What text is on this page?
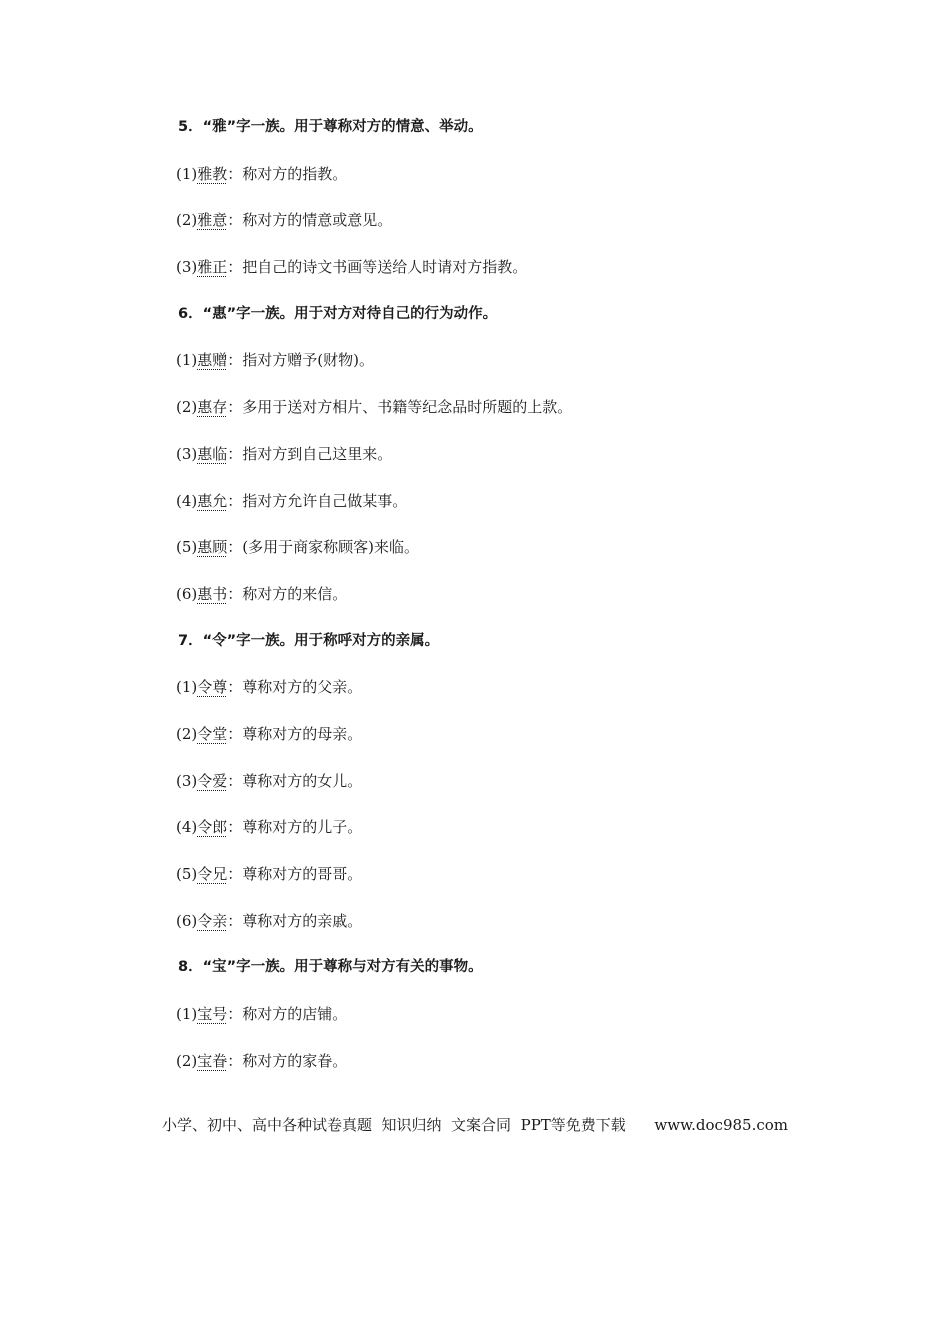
5．“雅”字一族。用于尊称对方的情意、举动。
(1)雅教：称对方的指教。
(2)雅意：称对方的情意或意见。
(3)雅正：把自己的诗文书画等送给人时请对方指教。
6．“惠”字一族。用于对方对待自己的行为动作。
(1)惠赠：指对方赠予(财物)。
(2)惠存：多用于送对方相片、书籍等纪念品时所题的上款。
(3)惠临：指对方到自己这里来。
(4)惠允：指对方允许自己做某事。
(5)惠顾：(多用于商家称顾客)来临。
(6)惠书：称对方的来信。
7．“令”字一族。用于称呼对方的亲属。
(1)令尊：尊称对方的父亲。
(2)令堂：尊称对方的母亲。
(3)令爱：尊称对方的女儿。
(4)令郎：尊称对方的儿子。
(5)令兄：尊称对方的哥哥。
(6)令亲：尊称对方的亲戚。
8．“宝”字一族。用于尊称与对方有关的事物。
(1)宝号：称对方的店铺。
(2)宝眷：称对方的家眷。
小学、初中、高中各种试卷真题  知识归纳  文案合同  PPT等免费下载 www.doc985.com
